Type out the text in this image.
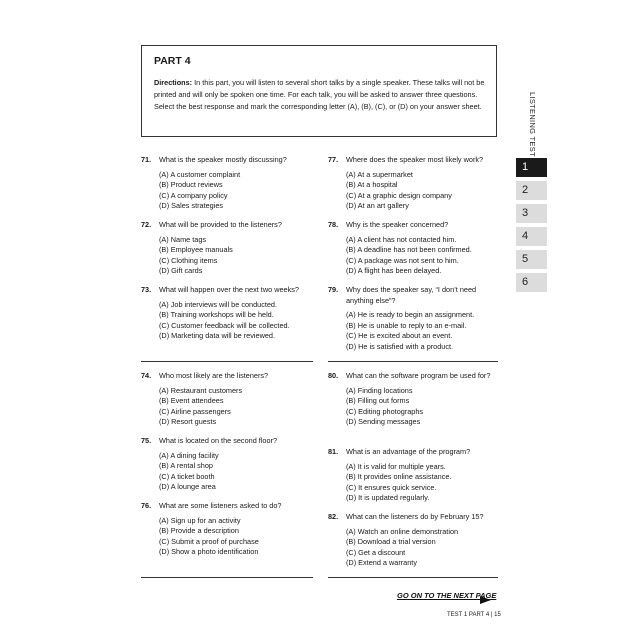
PART 4
Directions: In this part, you will listen to several short talks by a single speaker. These talks will not be printed and will only be spoken one time. For each talk, you will be asked to answer three questions. Select the best response and mark the corresponding letter (A), (B), (C), or (D) on your answer sheet.	LISTENING TEST
1
2
3
4
5
6
71. What is the speaker mostly discussing?
(A) A customer complaint
(B) Product reviews
(C) A company policy
(D) Sales strategies
72. What will be provided to the listeners?
(A) Name tags
(B) Employee manuals
(C) Clothing items
(D) Gift cards
73. What will happen over the next two weeks?
(A) Job interviews will be conducted.
(B) Training workshops will be held.
(C) Customer feedback will be collected.
(D) Marketing data will be reviewed.
74. Who most likely are the listeners?
(A) Restaurant customers
(B) Event attendees
(C) Airline passengers
(D) Resort guests
75. What is located on the second floor?
(A) A dining facility
(B) A rental shop
(C) A ticket booth
(D) A lounge area
76. What are some listeners asked to do?
(A) Sign up for an activity
(B) Provide a description
(C) Submit a proof of purchase
(D) Show a photo identification
77. Where does the speaker most likely work?
(A) At a supermarket
(B) At a hospital
(C) At a graphic design company
(D) At an art gallery
78. Why is the speaker concerned?
(A) A client has not contacted him.
(B) A deadline has not been confirmed.
(C) A package was not sent to him.
(D) A flight has been delayed.
79. Why does the speaker say, “I don’t need anything else”?
(A) He is ready to begin an assignment.
(B) He is unable to reply to an e-mail.
(C) He is excited about an event.
(D) He is satisfied with a product.
80. What can the software program be used for?
(A) Finding locations
(B) Filling out forms
(C) Editing photographs
(D) Sending messages
81. What is an advantage of the program?
(A) It is valid for multiple years.
(B) It provides online assistance.
(C) It ensures quick service.
(D) It is updated regularly.
82. What can the listeners do by February 15?
(A) Watch an online demonstration
(B) Download a trial version
(C) Get a discount
(D) Extend a warranty
GO ON TO THE NEXT PAGE
TEST 1 PART 4 | 15
